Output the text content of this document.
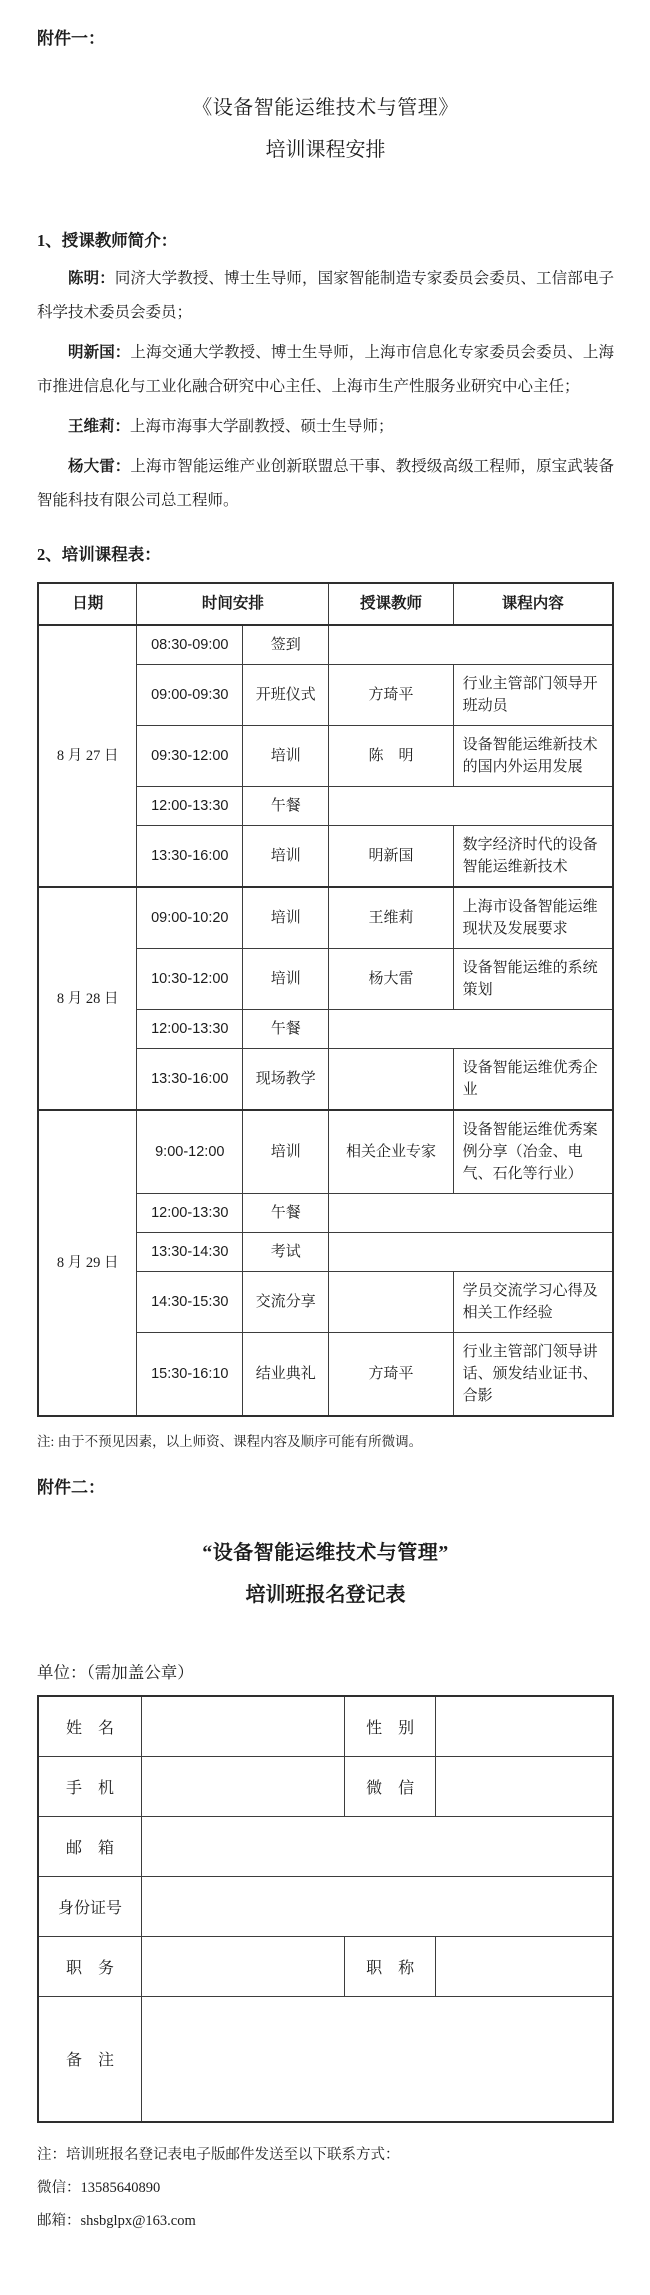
附件一：
《设备智能运维技术与管理》
培训课程安排
1、授课教师简介：

陈明：同济大学教授、博士生导师，国家智能制造专家委员会委员、工信部电子科学技术委员会委员；

明新国：上海交通大学教授、博士生导师，上海市信息化专家委员会委员、上海市推进信息化与工业化融合研究中心主任、上海市生产性服务业研究中心主任；

王维莉：上海市海事大学副教授、硕士生导师；

杨大雷：上海市智能运维产业创新联盟总干事、教授级高级工程师，原宝武装备智能科技有限公司总工程师。

2、培训课程表：
日期	时间安排		授课教师	课程内容
8 月 27 日	08:30-09:00	签到		
	09:00-09:30	开班仪式	方琦平	行业主管部门领导开班动员
	09:30-12:00	培训	陈　明	设备智能运维新技术的国内外运用发展
	12:00-13:30	午餐		
	13:30-16:00	培训	明新国	数字经济时代的设备智能运维新技术
8 月 28 日	09:00-10:20	培训	王维莉	上海市设备智能运维现状及发展要求
	10:30-12:00	培训	杨大雷	设备智能运维的系统策划
	12:00-13:30	午餐		
	13:30-16:00	现场教学		设备智能运维优秀企业
8 月 29 日	9:00-12:00	培训	相关企业专家	设备智能运维优秀案例分享（冶金、电气、石化等行业）
	12:00-13:30	午餐		
	13:30-14:30	考试		
	14:30-15:30	交流分享		学员交流学习心得及相关工作经验
	15:30-16:10	结业典礼	方琦平	行业主管部门领导讲话、颁发结业证书、合影
注: 由于不预见因素，以上师资、课程内容及顺序可能有所微调。
附件二：
“设备智能运维技术与管理”
培训班报名登记表
单位：（需加盖公章）
姓　名		性　别	
手　机		微　信	
邮　箱			
身份证号			
职　务		职　称	
备　注			
注：培训班报名登记表电子版邮件发送至以下联系方式：
微信：13585640890
邮箱：shsbglpx@163.com
